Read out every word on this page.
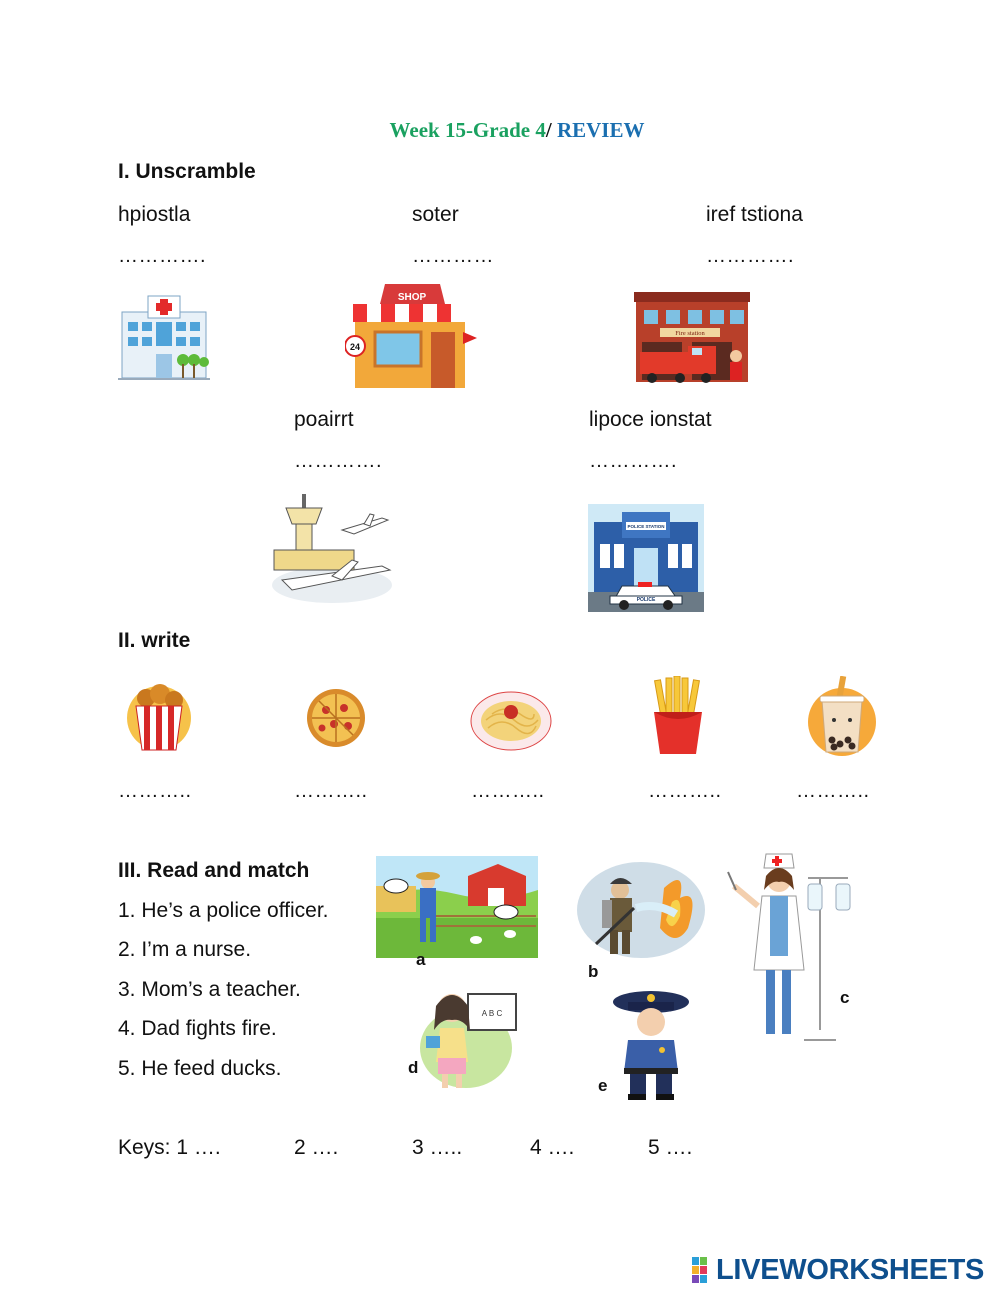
Week 15-Grade 4/ REVIEW
I. Unscramble
hpiostla	soter	iref tstiona
………….	…………	………….
SHOP
24
Fire station
poairrt	lipoce ionstat
………….	………….
POLICE STATION
POLICE
II. write
………..	………..	………..	………..	………..
III. Read and match
1. He’s a police officer.
2. I’m a nurse.
3. Mom’s a teacher.
4. Dad fights fire.
5. He feed ducks.
a
b
c
A B C
d
e
Keys: 1 ….	2 ….	3 …..	4 ….	5 ….
LIVEWORKSHEETS
